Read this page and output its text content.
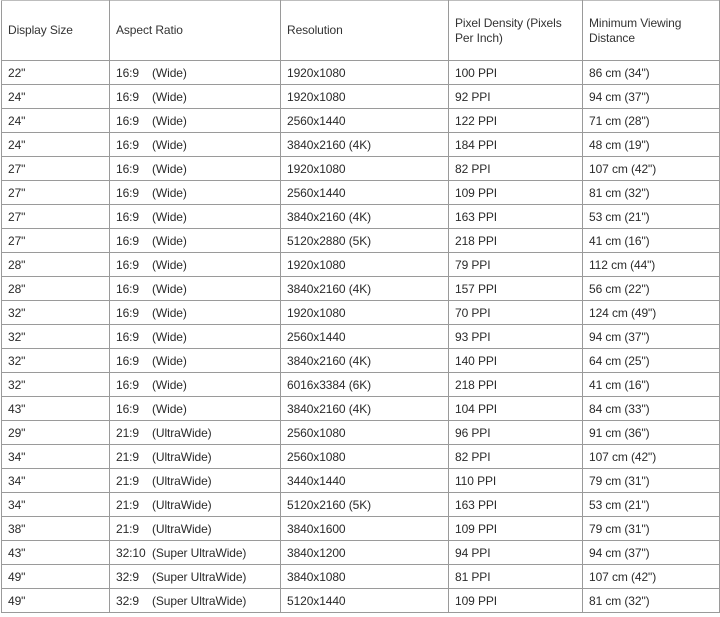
Display Size	Aspect Ratio	Resolution	Pixel Density (Pixels Per Inch)	Minimum Viewing Distance
22"	16:9 (Wide)	1920x1080	100 PPI	86 cm (34")
24"	16:9 (Wide)	1920x1080	92 PPI	94 cm (37")
24"	16:9 (Wide)	2560x1440	122 PPI	71 cm (28")
24"	16:9 (Wide)	3840x2160 (4K)	184 PPI	48 cm (19")
27"	16:9 (Wide)	1920x1080	82 PPI	107 cm (42")
27"	16:9 (Wide)	2560x1440	109 PPI	81 cm (32")
27"	16:9 (Wide)	3840x2160 (4K)	163 PPI	53 cm (21")
27"	16:9 (Wide)	5120x2880 (5K)	218 PPI	41 cm (16")
28"	16:9 (Wide)	1920x1080	79 PPI	112 cm (44")
28"	16:9 (Wide)	3840x2160 (4K)	157 PPI	56 cm (22")
32"	16:9 (Wide)	1920x1080	70 PPI	124 cm (49")
32"	16:9 (Wide)	2560x1440	93 PPI	94 cm (37")
32"	16:9 (Wide)	3840x2160 (4K)	140 PPI	64 cm (25")
32"	16:9 (Wide)	6016x3384 (6K)	218 PPI	41 cm (16")
43"	16:9 (Wide)	3840x2160 (4K)	104 PPI	84 cm (33")
29"	21:9 (UltraWide)	2560x1080	96 PPI	91 cm (36")
34"	21:9 (UltraWide)	2560x1080	82 PPI	107 cm (42")
34"	21:9 (UltraWide)	3440x1440	110 PPI	79 cm (31")
34"	21:9 (UltraWide)	5120x2160 (5K)	163 PPI	53 cm (21")
38"	21:9 (UltraWide)	3840x1600	109 PPI	79 cm (31")
43"	32:10 (Super UltraWide)	3840x1200	94 PPI	94 cm (37")
49"	32:9 (Super UltraWide)	3840x1080	81 PPI	107 cm (42")
49"	32:9 (Super UltraWide)	5120x1440	109 PPI	81 cm (32")
